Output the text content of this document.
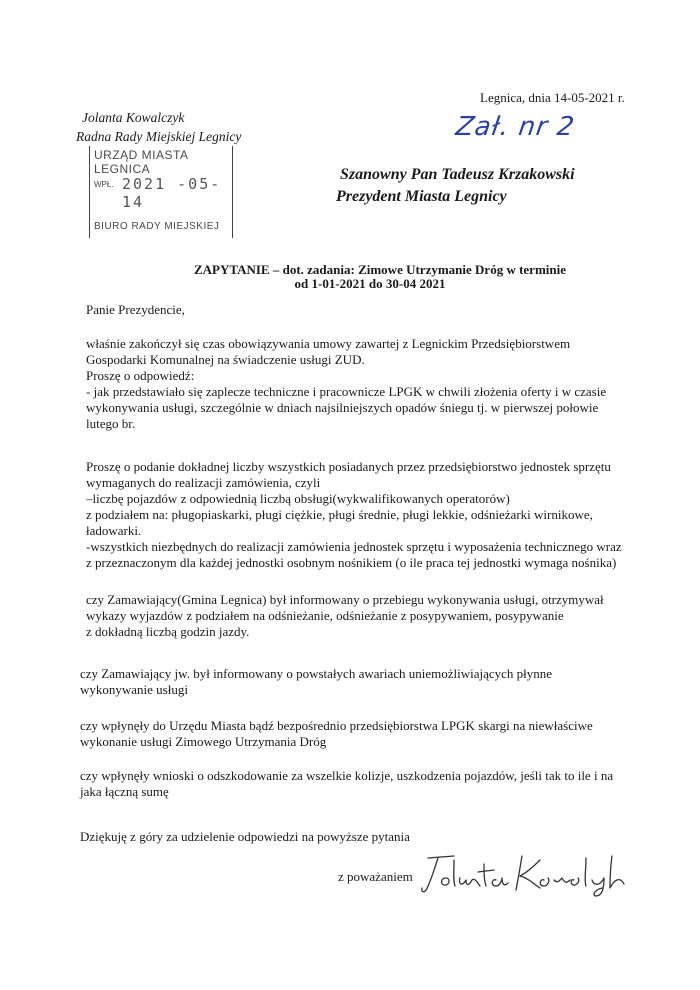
Legnica, dnia 14-05-2021 r.
Zał. nr 2
Jolanta Kowalczyk
Radna Rady Miejskiej Legnicy
URZĄD MIASTA LEGNICA
WPŁ. 2021 -05- 14
BIURO RADY MIEJSKIEJ
Szanowny Pan Tadeusz Krzakowski
Prezydent Miasta Legnicy
ZAPYTANIE – dot. zadania: Zimowe Utrzymanie Dróg w terminie
od 1-01-2021 do 30-04 2021
Panie Prezydencie,
właśnie zakończył się czas obowiązywania umowy zawartej z Legnickim Przedsiębiorstwem
Gospodarki Komunalnej na świadczenie usługi ZUD.
Proszę o odpowiedź:
- jak przedstawiało się zaplecze techniczne i pracownicze LPGK w chwili złożenia oferty i w czasie
wykonywania usługi, szczególnie w dniach najsilniejszych opadów śniegu tj. w pierwszej połowie
lutego br.
Proszę o podanie dokładnej liczby wszystkich posiadanych przez przedsiębiorstwo jednostek sprzętu
wymaganych do realizacji zamówienia, czyli
–liczbę pojazdów z odpowiednią liczbą obsługi(wykwalifikowanych operatorów)
z podziałem na: pługopiaskarki, pługi ciężkie, pługi średnie, pługi lekkie, odśnieżarki wirnikowe,
ładowarki.
-wszystkich niezbędnych do realizacji zamówienia jednostek sprzętu i wyposażenia technicznego wraz
z przeznaczonym dla każdej jednostki osobnym nośnikiem (o ile praca tej jednostki wymaga nośnika)
czy Zamawiający(Gmina Legnica) był informowany o przebiegu wykonywania usługi, otrzymywał
wykazy wyjazdów z podziałem na odśnieżanie, odśnieżanie z posypywaniem, posypywanie
z dokładną liczbą godzin jazdy.
czy Zamawiający jw. był informowany o powstałych awariach uniemożliwiających płynne
wykonywanie usługi
czy wpłynęły do Urzędu Miasta bądź bezpośrednio przedsiębiorstwa LPGK skargi na niewłaściwe
wykonanie usługi Zimowego Utrzymania Dróg
czy wpłynęły wnioski o odszkodowanie za wszelkie kolizje, uszkodzenia pojazdów, jeśli tak to ile i na
jaka łączną sumę
Dziękuję z góry za udzielenie odpowiedzi na powyższe pytania
z poważaniem
